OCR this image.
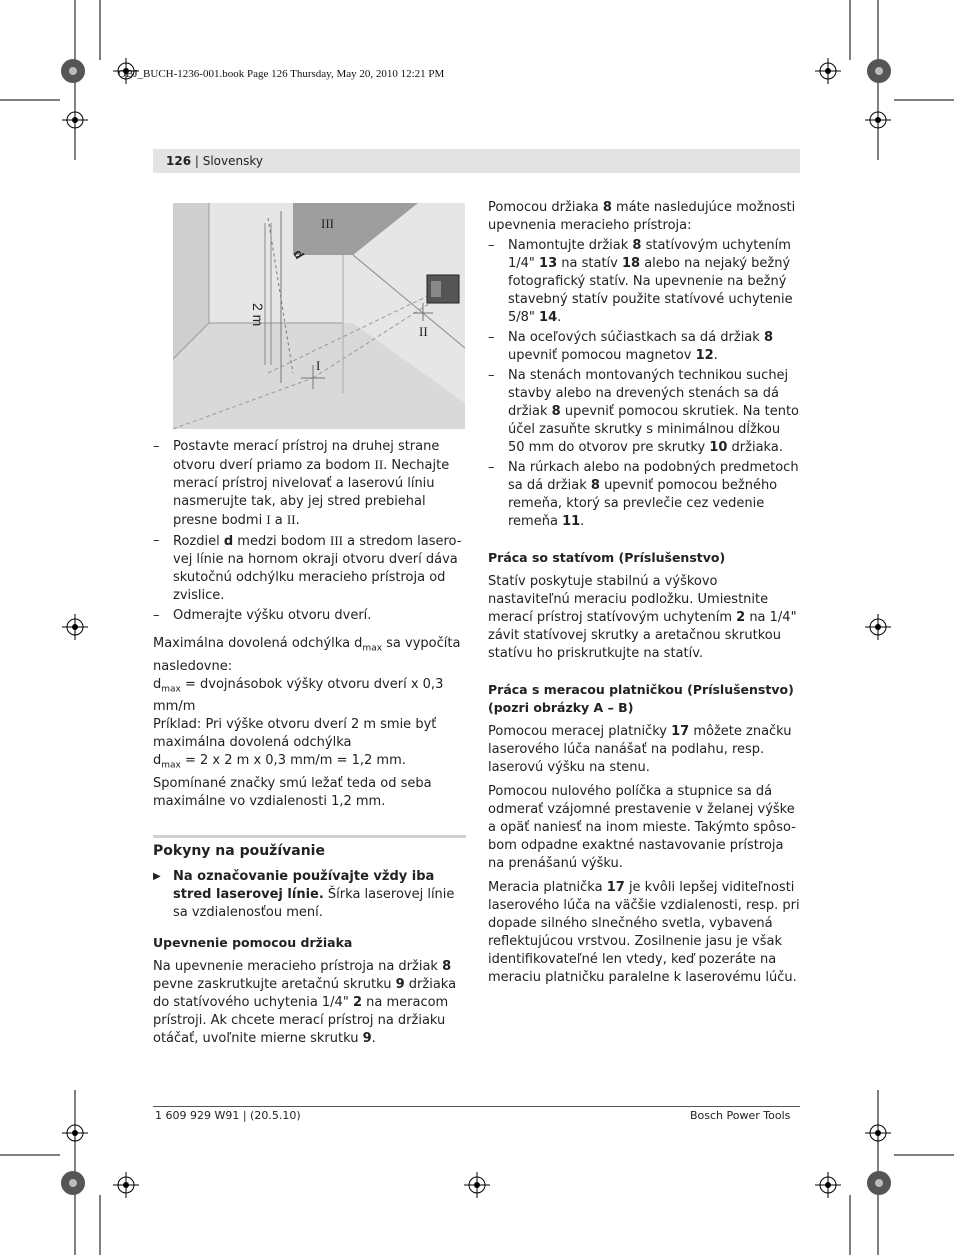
OBJ_BUCH-1236-001.book Page 126 Thursday, May 20, 2010 12:21 PM
126 | Slovensky
III
d
2 m
II
I
– Postavte merací prístroj na druhej strane otvoru dverí priamo za bodom II. Nechajte merací prístroj nivelovať a laserovú líniu nasmerujte tak, aby jej stred prebiehal presne bodmi I a II.
– Rozdiel d medzi bodom III a stredom lasero-vej línie na hornom okraji otvoru dverí dáva skutočnú odchýlku meracieho prístroja od zvislice.
– Odmerajte výšku otvoru dverí.
Maximálna dovolená odchýlka $d_{max}$ sa vypočíta nasledovne:
$d_{max}$ = dvojnásobok výšky otvoru dverí x 0,3 mm/m
Príklad: Pri výške otvoru dverí 2 m smie byť maximálna dovolená odchýlka
$d_{max} = 2$ x 2 m x 0,3 mm/m = 1,2 mm.
Spomínané značky smú ležať teda od seba maximálne vo vzdialenosti 1,2 mm.
Pokyny na používanie
▶ Na označovanie používajte vždy iba stred laserovej línie. Šírka laserovej línie sa vzdialenosťou mení.
Upevnenie pomocou držiaka

Na upevnenie meracieho prístroja na držiak 8 pevne zaskrutkujte aretačnú skrutku 9 držiaka do statívového uchytenia 1/4" 2 na meracom prístroji. Ak chcete merací prístroj na držiaku otáčať, uvoľnite mierne skrutku 9.

Pomocou držiaka 8 máte nasledujúce možnosti upevnenia meracieho prístroja:

– Namontujte držiak 8 statívovým uchytením 1/4" 13 na statív 18 alebo na nejaký bežný fotografický statív. Na upevnenie na bežný stavebný statív použite statívové uchytenie 5/8" 14.
– Na oceľových súčiastkach sa dá držiak 8 upevniť pomocou magnetov 12.
– Na stenách montovaných technikou suchej stavby alebo na drevených stenách sa dá držiak 8 upevniť pomocou skrutiek. Na tento účel zasuňte skrutky s minimálnou dĺžkou 50 mm do otvorov pre skrutky 10 držiaka.
– Na rúrkach alebo na podobných predmetoch sa dá držiak 8 upevniť pomocou bežného remeňa, ktorý sa prevlečie cez vedenie remeňa 11.
Práca so statívom (Príslušenstvo)

Statív poskytuje stabilnú a výškovo nastaviteľnú meraciu podložku. Umiestnite merací prístroj statívovým uchytením 2 na 1/4" závit statívovej skrutky a aretačnou skrutkou statívu ho priskrutkujte na statív.

Práca s meracou platničkou (Príslušenstvo) (pozri obrázky A – B)

Pomocou meracej platničky 17 môžete značku laserového lúča nanášať na podlahu, resp. laserovú výšku na stenu.

Pomocou nulového políčka a stupnice sa dá odmerať vzájomné prestavenie v želanej výške a opäť naniesť na inom mieste. Takýmto spôso-bom odpadne exaktné nastavovanie prístroja na prenášanú výšku.

Meracia platnička 17 je kvôli lepšej viditeľnosti laserového lúča na väčšie vzdialenosti, resp. pri dopade silného slnečného svetla, vybavená reflektujúcou vrstvou. Zosilnenie jasu je však identifikovateľné len vtedy, keď pozeráte na meraciu platničku paralelne k laserovému lúču.

1 609 929 W91 | (20.5.10)	Bosch Power Tools
